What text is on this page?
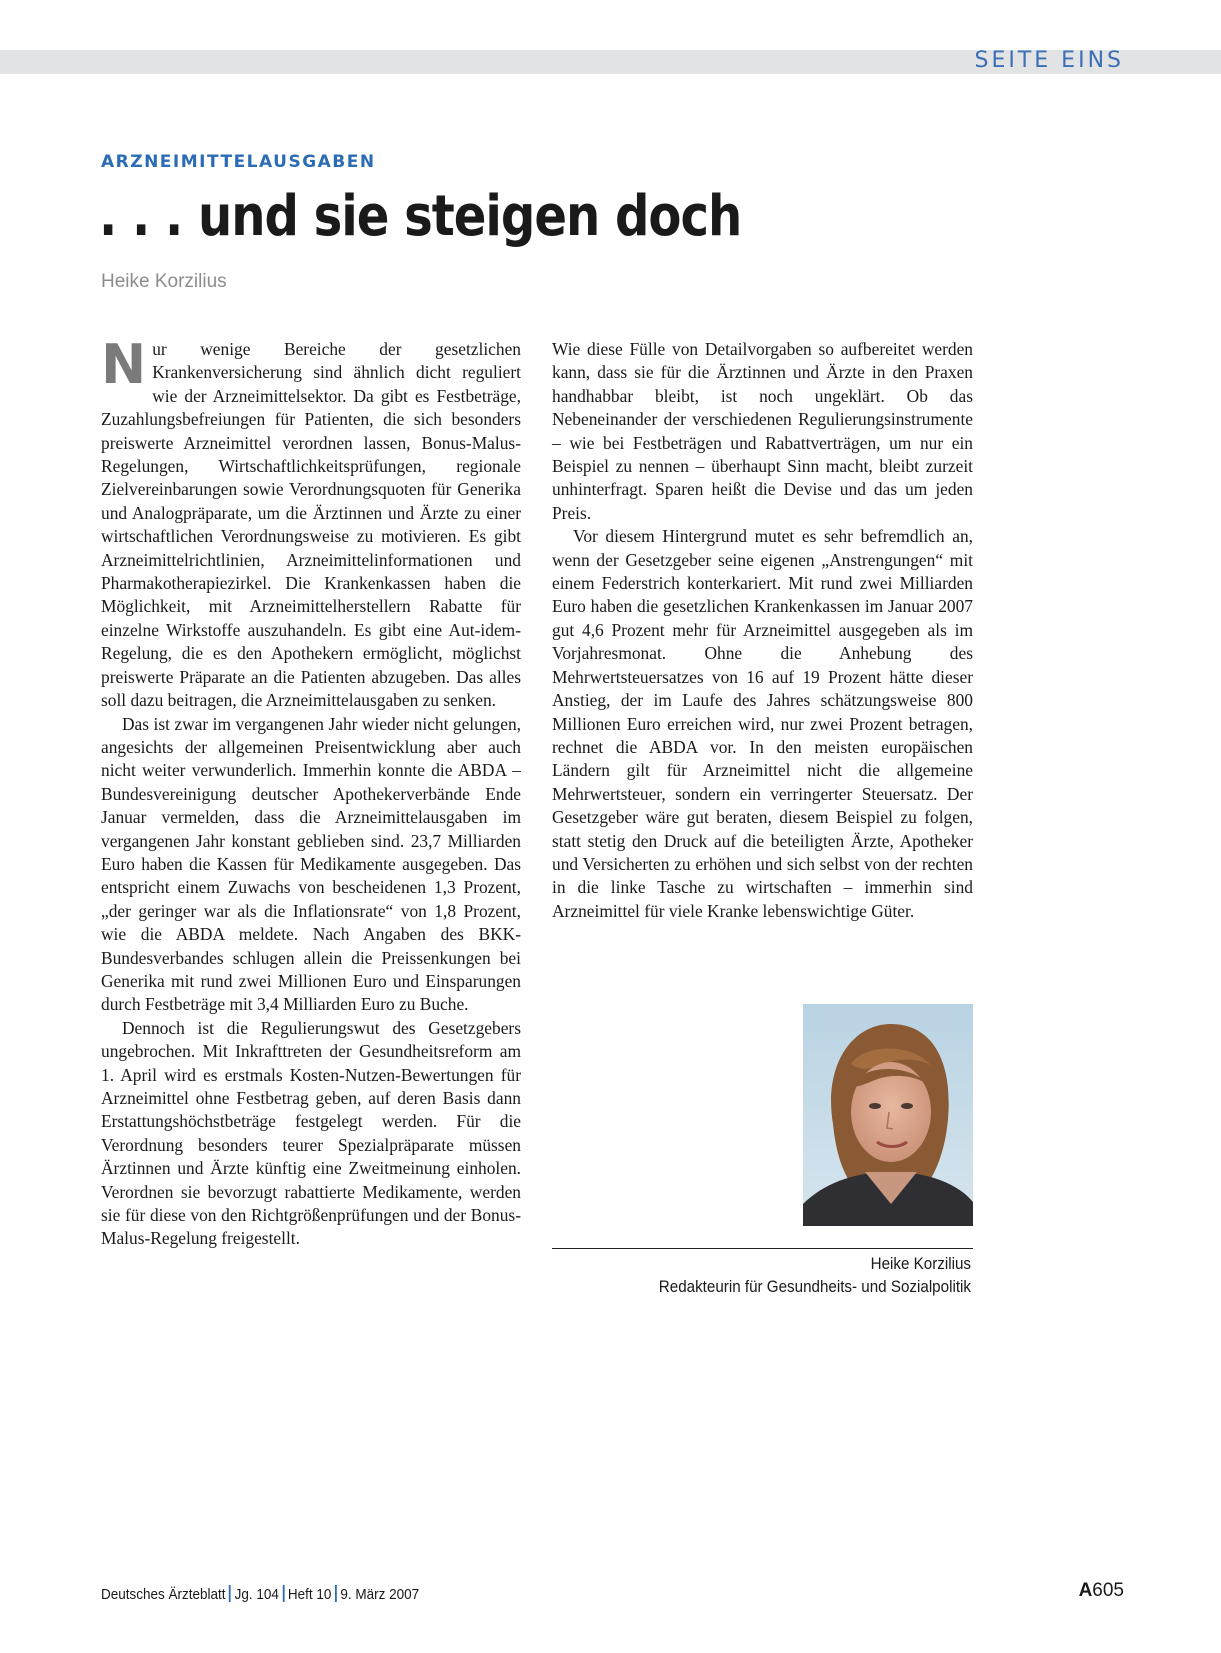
SEITE EINS
ARZNEIMITTELAUSGABEN
. . . und sie steigen doch
Heike Korzilius

Nur wenige Bereiche der gesetzlichen Krankenversicherung sind ähnlich dicht reguliert wie der Arzneimittelsektor. Da gibt es Festbeträge, Zuzahlungsbefreiungen für Patienten, die sich besonders preiswerte Arzneimittel verordnen lassen, Bonus-Malus-Regelungen, Wirtschaftlichkeitsprüfungen, regionale Zielvereinbarungen sowie Verordnungsquoten für Generika und Analogpräparate, um die Ärztinnen und Ärzte zu einer wirtschaftlichen Verordnungsweise zu motivieren. Es gibt Arzneimittelrichtlinien, Arzneimittelinformationen und Pharmakotherapiezirkel. Die Krankenkassen haben die Möglichkeit, mit Arzneimittelherstellern Rabatte für einzelne Wirkstoffe auszuhandeln. Es gibt eine Aut-idem-Regelung, die es den Apothekern ermöglicht, möglichst preiswerte Präparate an die Patienten abzugeben. Das alles soll dazu beitragen, die Arzneimittelausgaben zu senken.

Das ist zwar im vergangenen Jahr wieder nicht gelungen, angesichts der allgemeinen Preisentwicklung aber auch nicht weiter verwunderlich. Immerhin konnte die ABDA – Bundesvereinigung deutscher Apothekerverbände Ende Januar vermelden, dass die Arzneimittelausgaben im vergangenen Jahr konstant geblieben sind. 23,7 Milliarden Euro haben die Kassen für Medikamente ausgegeben. Das entspricht einem Zuwachs von bescheidenen 1,3 Prozent, „der geringer war als die Inflationsrate“ von 1,8 Prozent, wie die ABDA meldete. Nach Angaben des BKK-Bundesverbandes schlugen allein die Preissenkungen bei Generika mit rund zwei Millionen Euro und Einsparungen durch Festbeträge mit 3,4 Milliarden Euro zu Buche.

Dennoch ist die Regulierungswut des Gesetzgebers ungebrochen. Mit Inkrafttreten der Gesundheitsreform am 1. April wird es erstmals Kosten-Nutzen-Bewertungen für Arzneimittel ohne Festbetrag geben, auf deren Basis dann Erstattungshöchstbeträge festgelegt werden. Für die Verordnung besonders teurer Spezialpräparate müssen Ärztinnen und Ärzte künftig eine Zweitmeinung einholen. Verordnen sie bevorzugt rabattierte Medikamente, werden sie für diese von den Richtgrößenprüfungen und der Bonus-Malus-Regelung freigestellt.

Wie diese Fülle von Detailvorgaben so aufbereitet werden kann, dass sie für die Ärztinnen und Ärzte in den Praxen handhabbar bleibt, ist noch ungeklärt. Ob das Nebeneinander der verschiedenen Regulierungsinstrumente – wie bei Festbeträgen und Rabattverträgen, um nur ein Beispiel zu nennen – überhaupt Sinn macht, bleibt zurzeit unhinterfragt. Sparen heißt die Devise und das um jeden Preis.

Vor diesem Hintergrund mutet es sehr befremdlich an, wenn der Gesetzgeber seine eigenen „Anstrengungen“ mit einem Federstrich konterkariert. Mit rund zwei Milliarden Euro haben die gesetzlichen Krankenkassen im Januar 2007 gut 4,6 Prozent mehr für Arzneimittel ausgegeben als im Vorjahresmonat. Ohne die Anhebung des Mehrwertsteuersatzes von 16 auf 19 Prozent hätte dieser Anstieg, der im Laufe des Jahres schätzungsweise 800 Millionen Euro erreichen wird, nur zwei Prozent betragen, rechnet die ABDA vor. In den meisten europäischen Ländern gilt für Arzneimittel nicht die allgemeine Mehrwertsteuer, sondern ein verringerter Steuersatz. Der Gesetzgeber wäre gut beraten, diesem Beispiel zu folgen, statt stetig den Druck auf die beteiligten Ärzte, Apotheker und Versicherten zu erhöhen und sich selbst von der rechten in die linke Tasche zu wirtschaften – immerhin sind Arzneimittel für viele Kranke lebenswichtige Güter.

Heike Korzilius
Redakteurin für Gesundheits- und Sozialpolitik
Deutsches Ärzteblatt Jg. 104 Heft 10 9. März 2007	A605
